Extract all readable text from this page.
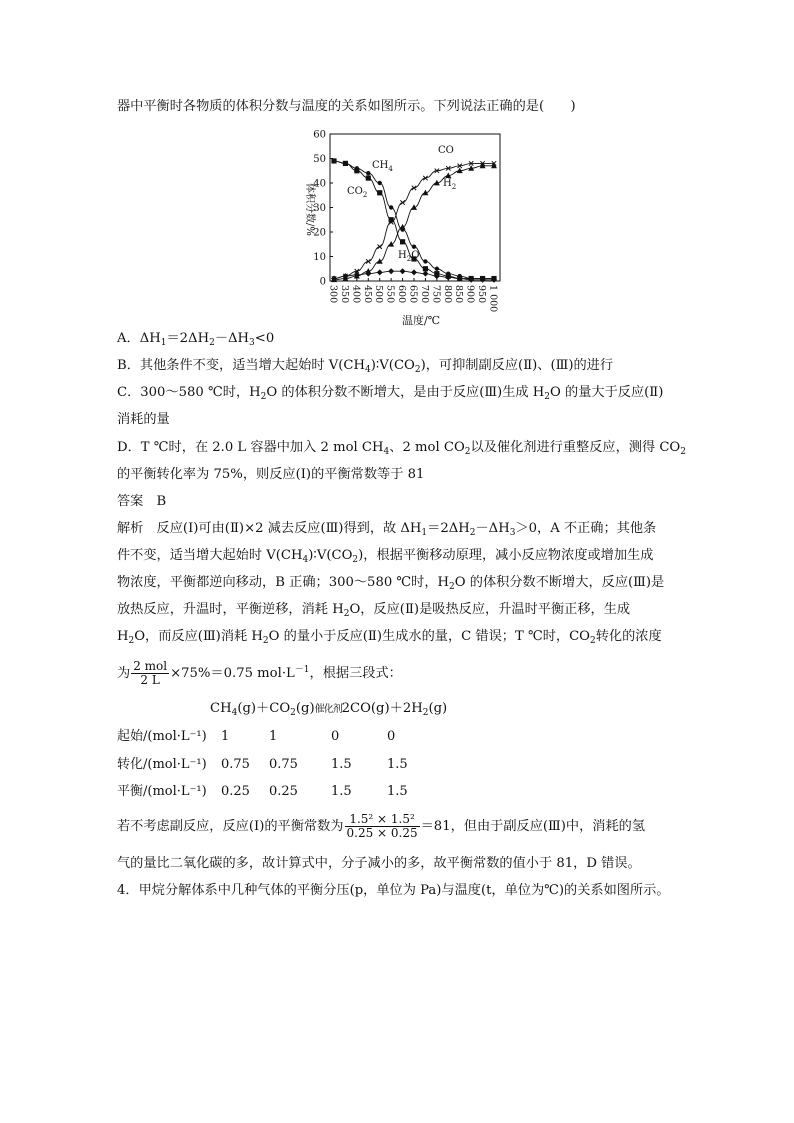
器中平衡时各物质的体积分数与温度的关系如图所示。下列说法正确的是(　　)
0
10
20
30
40
50
60
300 350 400 450 500 550 600 650 700 750 800 850 900 950 1 000
体积分数/%
温度/℃
CO
$H_2$
$CH_4$
$CO_2$
$H_2O$
A．$\Delta H_1=2\Delta H_2-\Delta H_3<0$
B．其他条件不变，适当增大起始时 $V(CH_4)∶V(CO_2)$，可抑制副反应(Ⅱ)、(Ⅲ)的进行
C．300～580 ℃时，$H_2O$ 的体积分数不断增大，是由于反应(Ⅲ)生成 $H_2O$ 的量大于反应(Ⅱ)
消耗的量
D．T ℃时，在 2.0 L 容器中加入 2 mol $CH_4$、2 mol $CO_2$以及催化剂进行重整反应，测得 $CO_2$
的平衡转化率为 75%，则反应(Ⅰ)的平衡常数等于 81
答案　B
解析　反应(Ⅰ)可由(Ⅱ)×2 减去反应(Ⅲ)得到，故 $\Delta H_1=2\Delta H_2-\Delta H_3>0$，A 不正确；其他条
件不变，适当增大起始时 $V(CH_4)∶V(CO_2)$，根据平衡移动原理，减小反应物浓度或增加生成
物浓度，平衡都逆向移动，B 正确；300～580 ℃时，$H_2O$ 的体积分数不断增大，反应(Ⅲ)是
放热反应，升温时，平衡逆移，消耗 $H_2O$，反应(Ⅱ)是吸热反应，升温时平衡正移，生成
$H_2O$，而反应(Ⅲ)消耗 $H_2O$ 的量小于反应(Ⅱ)生成水的量，C 错误；T ℃时，$CO_2$转化的浓度
为 $\frac{\text{2 mol}}{2 L} \times 75\%=0.75$ $mol\cdot L^{-1}$，根据三段式：
$CH_4(g)+CO_2(g)$催化剂$2CO(g)+2H_2(g)$
起始/(mol·L⁻¹) 1	1	0	0
转化/(mol·L⁻¹) 0.75 0.75	1.5	1.5
平衡/(mol·L⁻¹) 0.25 0.25	1.5	1.5
若不考虑副反应，反应(Ⅰ)的平衡常数为 $\frac{\text{1.5² × 1.5²}}{0.25 \times 0.25} =81$，但由于副反应(Ⅲ)中，消耗的氢
气的量比二氧化碳的多，故计算式中，分子减小的多，故平衡常数的值小于 81，D 错误。
4．甲烷分解体系中几种气体的平衡分压(p，单位为 Pa)与温度(t，单位为℃)的关系如图所示。
